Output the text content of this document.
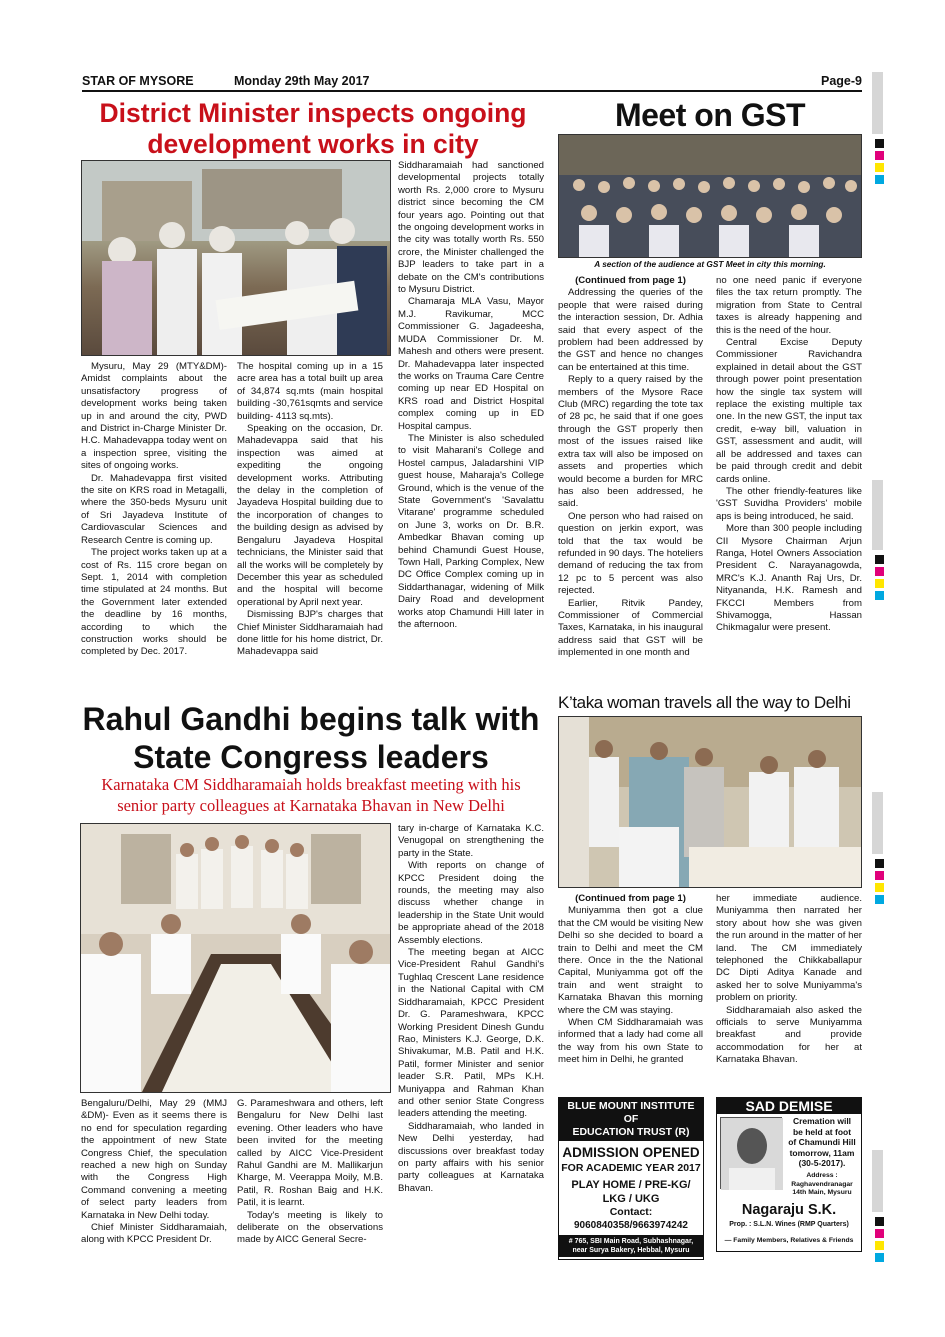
STAR OF MYSORE	Monday 29th May 2017	Page-9
District Minister inspects ongoing
development works in city

Mysuru, May 29 (MTY&DM)- Amidst complaints about the unsatisfactory progress of development works being taken up in and around the city, PWD and District in-Charge Minister Dr. H.C. Mahadevappa today went on a inspection spree, visiting the sites of ongoing works.

Dr. Mahadevappa first visited the site on KRS road in Metagalli, where the 350-beds Mysuru unit of Sri Jayadeva Institute of Cardiovascular Sciences and Research Centre is coming up.

The project works taken up at a cost of Rs. 115 crore began on Sept. 1, 2014 with completion time stipulated at 24 months. But the Government later extended the deadline by 16 months, according to which the construction works should be completed by Dec. 2017.

The hospital coming up in a 15 acre area has a total built up area of 34,874 sq.mts (main hospital building -30,761sqmts and service building- 4113 sq.mts).

Speaking on the occasion, Dr. Mahadevappa said that his inspection was aimed at expediting the ongoing development works. Attributing the delay in the completion of Jayadeva Hospital building due to the incorporation of changes to the building design as advised by Bengaluru Jayadeva Hospital technicians, the Minister said that all the works will be completely by December this year as scheduled and the hospital will become operational by April next year.

Dismissing BJP's charges that Chief Minister Siddharamaiah had done little for his home district, Dr. Mahadevappa said

Siddharamaiah had sanctioned developmental projects totally worth Rs. 2,000 crore to Mysuru district since becoming the CM four years ago. Pointing out that the ongoing development works in the city was totally worth Rs. 550 crore, the Minister challenged the BJP leaders to take part in a debate on the CM's contributions to Mysuru District.

Chamaraja MLA Vasu, Mayor M.J. Ravikumar, MCC Commissioner G. Jagadeesha, MUDA Commissioner Dr. M. Mahesh and others were present. Dr. Mahadevappa later inspected the works on Trauma Care Centre coming up near ED Hospital on KRS road and District Hospital complex coming up in ED Hospital campus.

The Minister is also scheduled to visit Maharani's College and Hostel campus, Jaladarshini VIP guest house, Maharaja's College Ground, which is the venue of the State Government's 'Savalattu Vitarane' programme scheduled on June 3, works on Dr. B.R. Ambedkar Bhavan coming up behind Chamundi Guest House, Town Hall, Parking Complex, New DC Office Complex coming up in Siddarthanagar, widening of Milk Dairy Road and development works atop Chamundi Hill later in the afternoon.

Meet on GST
A section of the audience at GST Meet in city this morning.

(Continued from page 1)

Addressing the queries of the people that were raised during the interaction session, Dr. Adhia said that every aspect of the problem had been addressed by the GST and hence no changes can be entertained at this time.

Reply to a query raised by the members of the Mysore Race Club (MRC) regarding the tote tax of 28 pc, he said that if one goes through the GST properly then most of the issues raised like extra tax will also be imposed on assets and properties which would become a burden for MRC has also been addressed, he said.

One person who had raised on question on jerkin export, was told that the tax would be refunded in 90 days. The hoteliers demand of reducing the tax from 12 pc to 5 percent was also rejected.

Earlier, Ritvik Pandey, Commissioner of Commercial Taxes, Karnataka, in his inaugural address said that GST will be implemented in one month and

no one need panic if everyone files the tax return promptly. The migration from State to Central taxes is already happening and this is the need of the hour.

Central Excise Deputy Commissioner Ravichandra explained in detail about the GST through power point presentation how the single tax system will replace the existing multiple tax one. In the new GST, the input tax credit, e-way bill, valuation in GST, assessment and audit, will all be addressed and taxes can be paid through credit and debit cards online.

The other friendly-features like 'GST Suvidha Providers' mobile aps is being introduced, he said.

More than 300 people including CII Mysore Chairman Arjun Ranga, Hotel Owners Association President C. Narayanagowda, MRC's K.J. Ananth Raj Urs, Dr. Nityananda, H.K. Ramesh and FKCCI Members from Shivamogga, Hassan Chikmagalur were present.

Rahul Gandhi begins talk with
State Congress leaders
Karnataka CM Siddharamaiah holds breakfast meeting with his
senior party colleagues at Karnataka Bhavan in New Delhi

Bengaluru/Delhi, May 29 (MMJ &DM)- Even as it seems there is no end for speculation regarding the appointment of new State Congress Chief, the speculation reached a new high on Sunday with the Congress High Command convening a meeting of select party leaders from Karnataka in New Delhi today.

Chief Minister Siddharamaiah, along with KPCC President Dr.

G. Parameshwara and others, left Bengaluru for New Delhi last evening. Other leaders who have been invited for the meeting called by AICC Vice-President Rahul Gandhi are M. Mallikarjun Kharge, M. Veerappa Moily, M.B. Patil, R. Roshan Baig and H.K. Patil, it is learnt.

Today's meeting is likely to deliberate on the observations made by AICC General Secre-

tary in-charge of Karnataka K.C. Venugopal on strengthening the party in the State.

With reports on change of KPCC President doing the rounds, the meeting may also discuss whether change in leadership in the State Unit would be appropriate ahead of the 2018 Assembly elections.

The meeting began at AICC Vice-President Rahul Gandhi's Tughlaq Crescent Lane residence in the National Capital with CM Siddharamaiah, KPCC President Dr. G. Parameshwara, KPCC Working President Dinesh Gundu Rao, Ministers K.J. George, D.K. Shivakumar, M.B. Patil and H.K. Patil, former Minister and senior leader S.R. Patil, MPs K.H. Muniyappa and Rahman Khan and other senior State Congress leaders attending the meeting.

Siddharamaiah, who landed in New Delhi yesterday, had discussions over breakfast today on party affairs with his senior party colleagues at Karnataka Bhavan.

K’taka woman travels all the way to Delhi

(Continued from page 1)

Muniyamma then got a clue that the CM would be visiting New Delhi so she decided to board a train to Delhi and meet the CM there. Once in the the National Capital, Muniyamma got off the train and went straight to Karnataka Bhavan this morning where the CM was staying.

When CM Siddharamaiah was informed that a lady had come all the way from his own State to meet him in Delhi, he granted

her immediate audience. Muniyamma then narrated her story about how she was given the run around in the matter of her land. The CM immediately telephoned the Chikkaballapur DC Dipti Aditya Kanade and asked her to solve Muniyamma's problem on priority.

Siddharamaiah also asked the officials to serve Muniyamma breakfast and provide accommodation for her at Karnataka Bhavan.

BLUE MOUNT INSTITUTE OF
EDUCATION TRUST (R)
ADMISSION OPENED
FOR ACADEMIC YEAR 2017
PLAY HOME / PRE-KG/
LKG / UKG
Contact:
9060840358/9663974242
# 765, SBI Main Road, Subhashnagar,
near Surya Bakery, Hebbal, Mysuru
SAD DEMISE
Cremation will
be held at foot
of Chamundi Hill
tomorrow, 11am
(30-5-2017).
Address :
Raghavendranagar
14th Main, Mysuru
Nagaraju S.K.
Prop. : S.L.N. Wines (RMP Quarters)
— Family Members, Relatives & Friends
